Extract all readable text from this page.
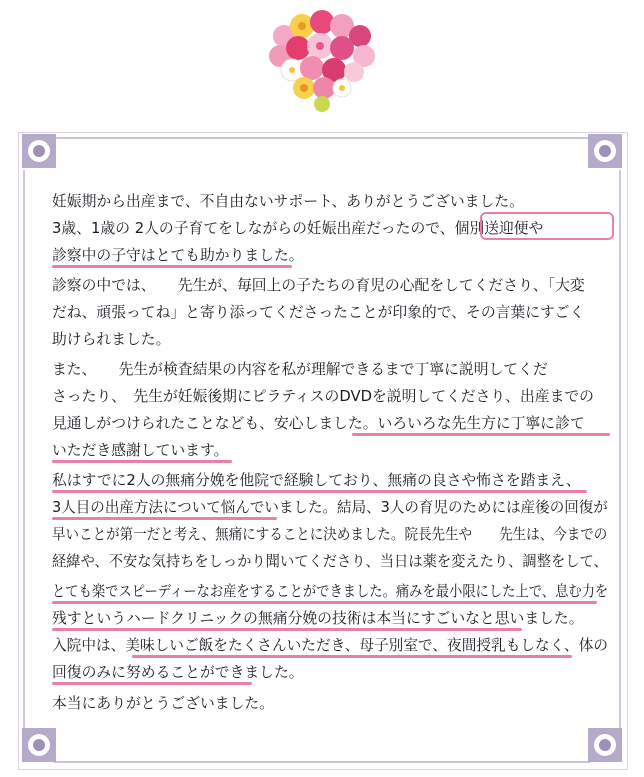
妊娠期から出産まで、不自由ないサポート、ありがとうございました。
3歳、1歳の 2人の子育てをしながらの妊娠出産だったので、個別送迎便や
診察中の子守はとても助かりました。
診察の中では、　　先生が、毎回上の子たちの育児の心配をしてくださり、「大変
だね、頑張ってね」と寄り添ってくださったことが印象的で、その言葉にすごく
助けられました。
また、　　先生が検査結果の内容を私が理解できるまで丁寧に説明してくだ
さったり、　先生が妊娠後期にピラティスのDVDを説明してくださり、出産までの
見通しがつけられたことなども、安心しました。いろいろな先生方に丁寧に診て
いただき感謝しています。
私はすでに2人の無痛分娩を他院で経験しており、無痛の良さや怖さを踏まえ、
3人目の出産方法について悩んでいました。結局、3人の育児のためには産後の回復が
早いことが第一だと考え、無痛にすることに決めました。院長先生や　　先生は、今までの
経緯や、不安な気持ちをしっかり聞いてくださり、当日は薬を変えたり、調整をして、
とても楽でスピーディーなお産をすることができました。痛みを最小限にした上で、息む力を
残すというハードクリニックの無痛分娩の技術は本当にすごいなと思いました。
入院中は、美味しいご飯をたくさんいただき、母子別室で、夜間授乳もしなく、体の
回復のみに努めることができました。
本当にありがとうございました。
